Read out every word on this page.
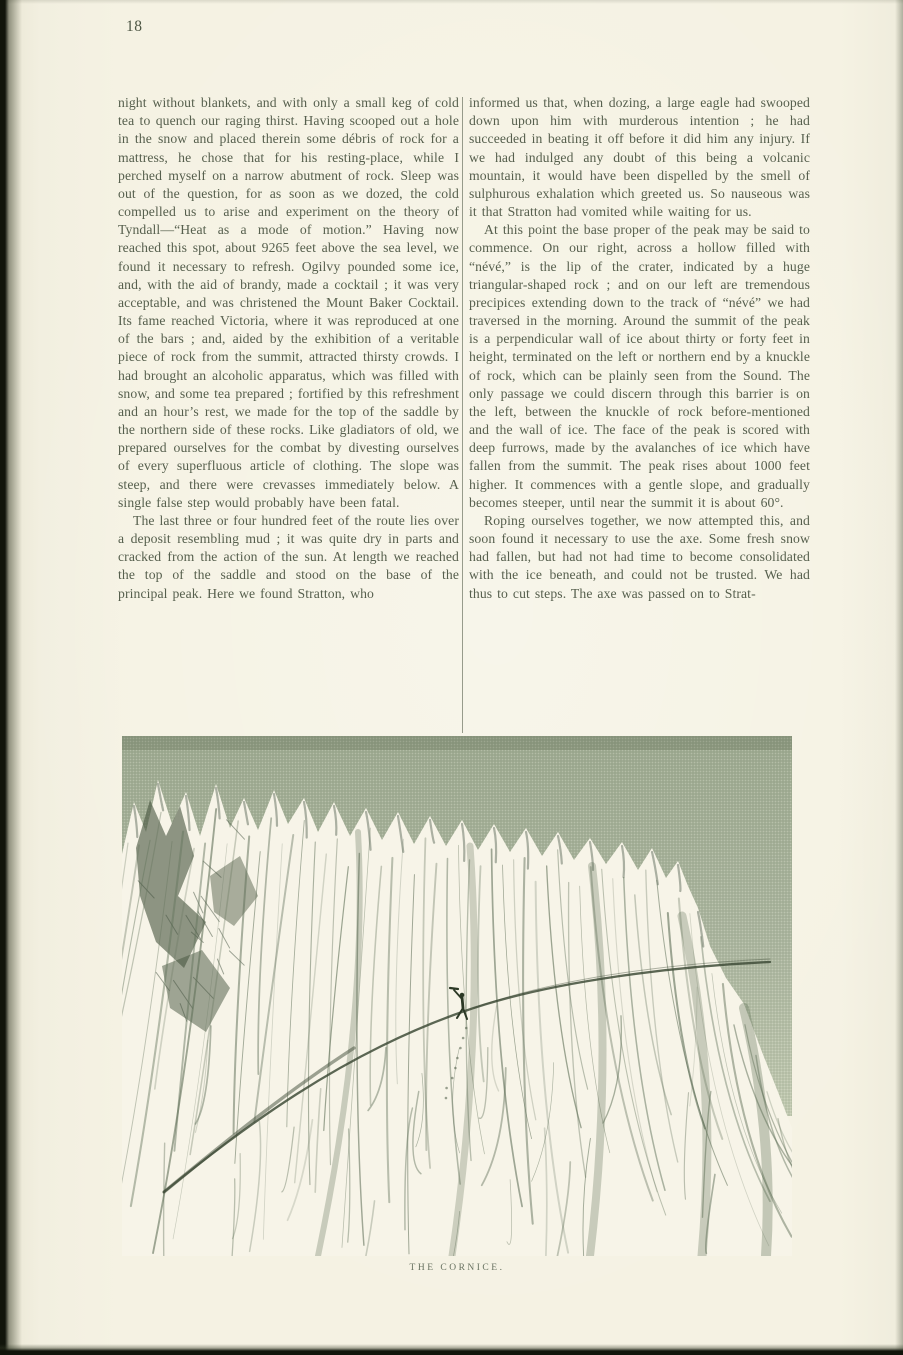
18

night without blankets, and with only a small keg of cold tea to quench our raging thirst. Having scooped out a hole in the snow and placed therein some débris of rock for a mattress, he chose that for his resting-place, while I perched myself on a narrow abutment of rock. Sleep was out of the question, for as soon as we dozed, the cold compelled us to arise and experiment on the theory of Tyndall—“Heat as a mode of motion.” Having now reached this spot, about 9265 feet above the sea level, we found it necessary to refresh. Ogilvy pounded some ice, and, with the aid of brandy, made a cocktail ; it was very acceptable, and was christened the Mount Baker Cocktail. Its fame reached Victoria, where it was reproduced at one of the bars ; and, aided by the exhibition of a veritable piece of rock from the summit, attracted thirsty crowds. I had brought an alcoholic apparatus, which was filled with snow, and some tea prepared ; fortified by this refreshment and an hour’s rest, we made for the top of the saddle by the northern side of these rocks. Like gladiators of old, we prepared ourselves for the combat by divesting ourselves of every superfluous article of clothing. The slope was steep, and there were crevasses immediately below. A single false step would probably have been fatal.

The last three or four hundred feet of the route lies over a deposit resembling mud ; it was quite dry in parts and cracked from the action of the sun. At length we reached the top of the saddle and stood on the base of the principal peak. Here we found Stratton, who

informed us that, when dozing, a large eagle had swooped down upon him with murderous intention ; he had succeeded in beating it off before it did him any injury. If we had indulged any doubt of this being a volcanic mountain, it would have been dispelled by the smell of sulphurous exhalation which greeted us. So nauseous was it that Stratton had vomited while waiting for us.

At this point the base proper of the peak may be said to commence. On our right, across a hollow filled with “névé,” is the lip of the crater, indicated by a huge triangular-shaped rock ; and on our left are tremendous precipices extending down to the track of “névé” we had traversed in the morning. Around the summit of the peak is a perpendicular wall of ice about thirty or forty feet in height, terminated on the left or northern end by a knuckle of rock, which can be plainly seen from the Sound. The only passage we could discern through this barrier is on the left, between the knuckle of rock before-mentioned and the wall of ice. The face of the peak is scored with deep furrows, made by the avalanches of ice which have fallen from the summit. The peak rises about 1000 feet higher. It commences with a gentle slope, and gradually becomes steeper, until near the summit it is about 60°.

Roping ourselves together, we now attempted this, and soon found it necessary to use the axe. Some fresh snow had fallen, but had not had time to become consolidated with the ice beneath, and could not be trusted. We had thus to cut steps. The axe was passed on to Strat-

THE CORNICE.
